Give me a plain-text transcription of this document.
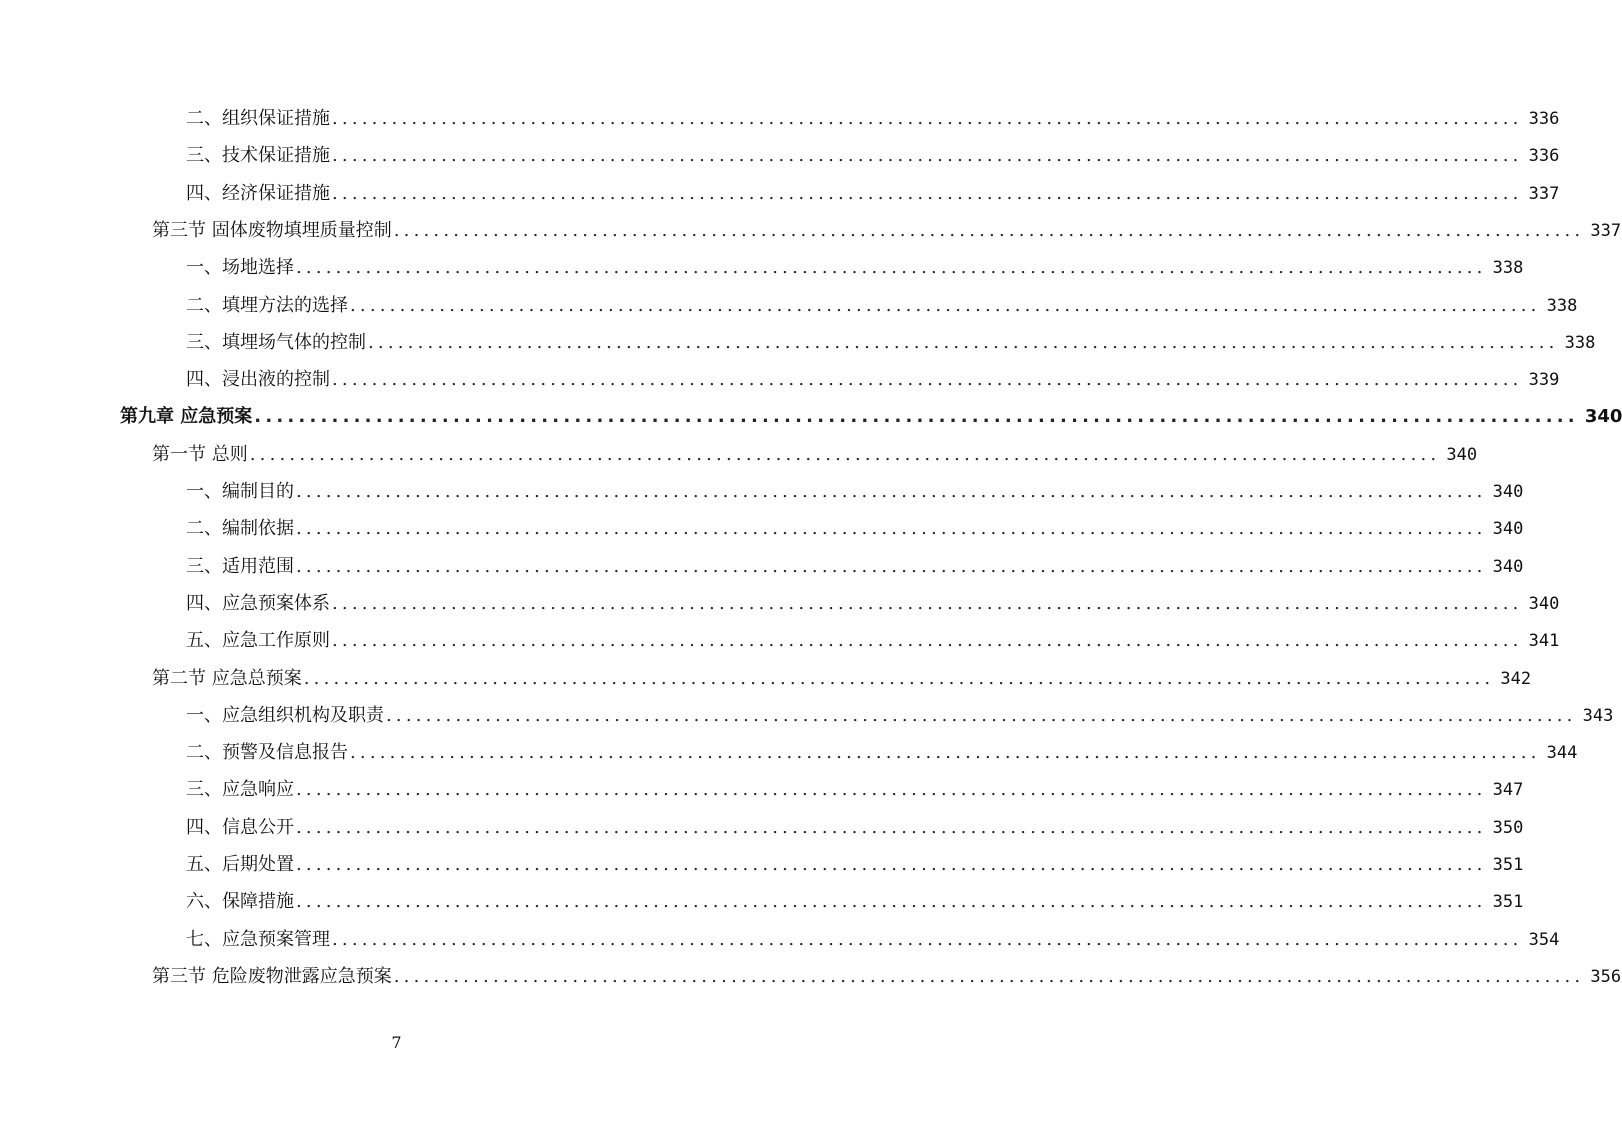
二、组织保证措施 ........................................................................................................................ 336
三、技术保证措施 ........................................................................................................................ 336
四、经济保证措施 ........................................................................................................................ 337
第三节 固体废物填埋质量控制 ........................................................................................................................ 337
一、场地选择 ........................................................................................................................ 338
二、填埋方法的选择 ........................................................................................................................ 338
三、填埋场气体的控制 ........................................................................................................................ 338
四、浸出液的控制 ........................................................................................................................ 339
第九章 应急预案 ........................................................................................................................ 340
第一节 总则 ........................................................................................................................ 340
一、编制目的 ........................................................................................................................ 340
二、编制依据 ........................................................................................................................ 340
三、适用范围 ........................................................................................................................ 340
四、应急预案体系 ........................................................................................................................ 340
五、应急工作原则 ........................................................................................................................ 341
第二节 应急总预案 ........................................................................................................................ 342
一、应急组织机构及职责 ........................................................................................................................ 343
二、预警及信息报告 ........................................................................................................................ 344
三、应急响应 ........................................................................................................................ 347
四、信息公开 ........................................................................................................................ 350
五、后期处置 ........................................................................................................................ 351
六、保障措施 ........................................................................................................................ 351
七、应急预案管理 ........................................................................................................................ 354
第三节 危险废物泄露应急预案 ........................................................................................................................ 356
7
